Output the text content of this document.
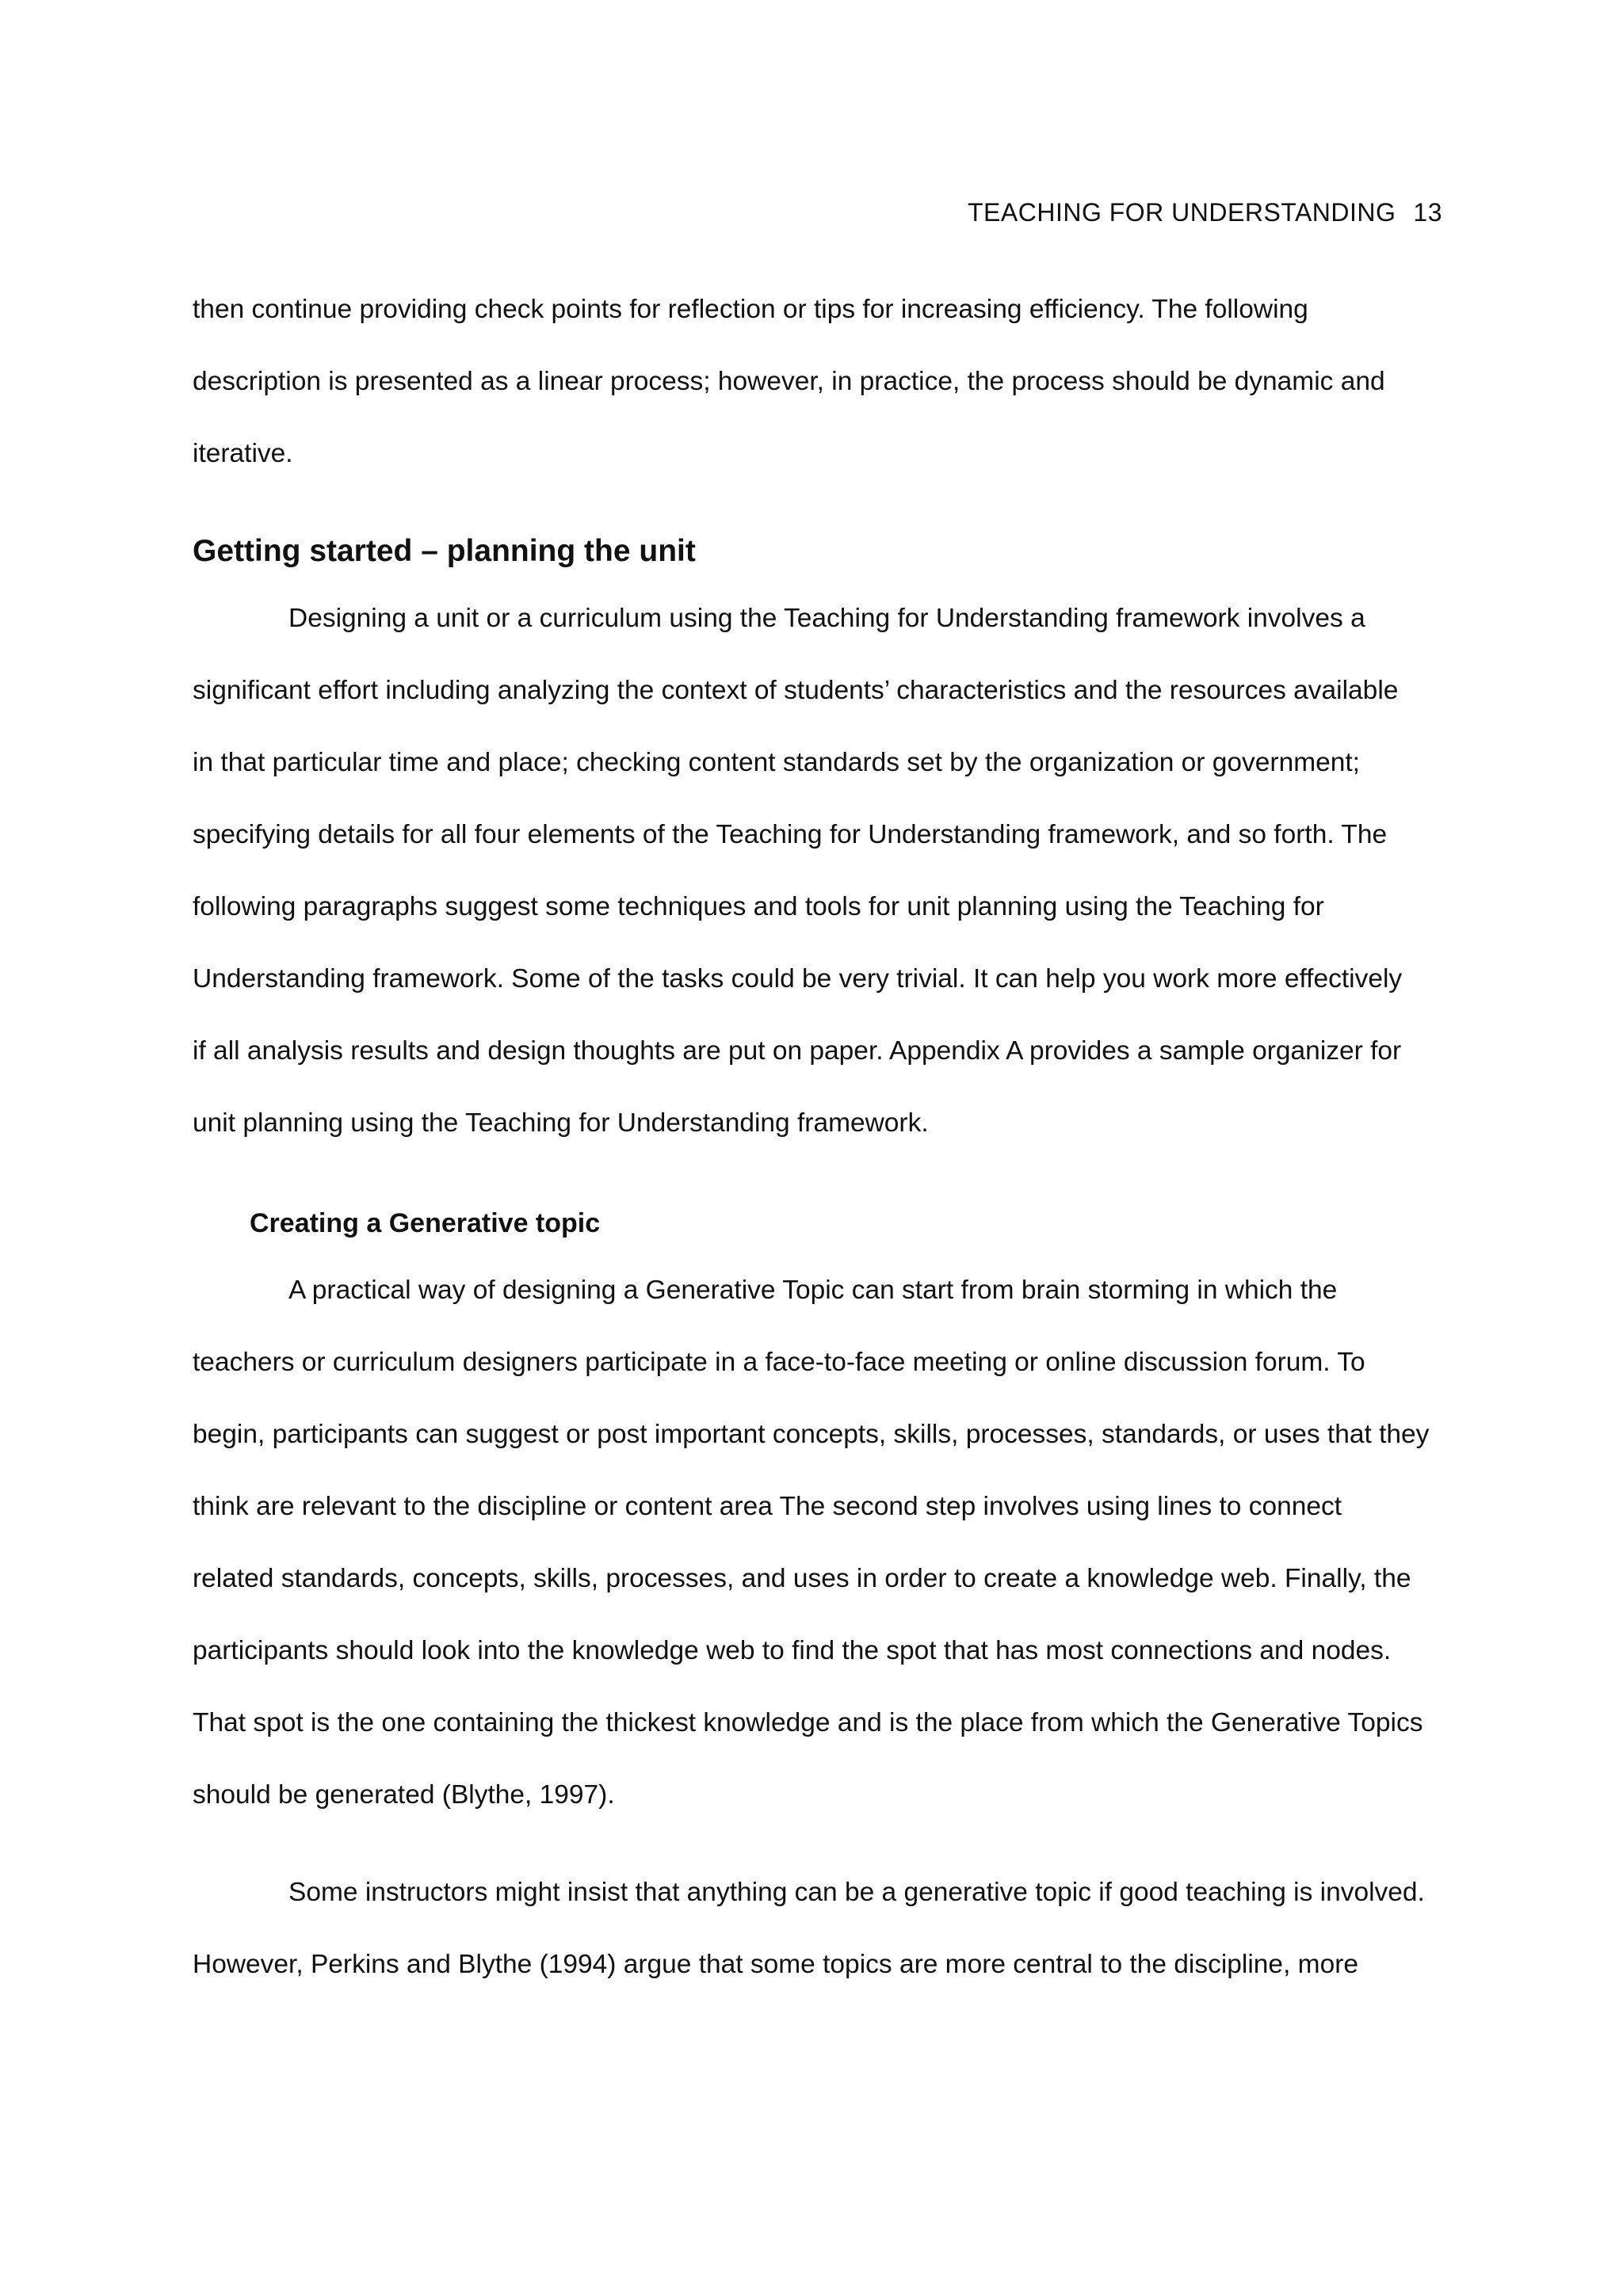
TEACHING FOR UNDERSTANDING 13
then continue providing check points for reflection or tips for increasing efficiency. The following
description is presented as a linear process; however, in practice, the process should be dynamic and
iterative.
Getting started – planning the unit
Designing a unit or a curriculum using the Teaching for Understanding framework involves a
significant effort including analyzing the context of students’ characteristics and the resources available
in that particular time and place; checking content standards set by the organization or government;
specifying details for all four elements of the Teaching for Understanding framework, and so forth. The
following paragraphs suggest some techniques and tools for unit planning using the Teaching for
Understanding framework. Some of the tasks could be very trivial. It can help you work more effectively
if all analysis results and design thoughts are put on paper. Appendix A provides a sample organizer for
unit planning using the Teaching for Understanding framework.
Creating a Generative topic
A practical way of designing a Generative Topic can start from brain storming in which the
teachers or curriculum designers participate in a face-to-face meeting or online discussion forum. To
begin, participants can suggest or post important concepts, skills, processes, standards, or uses that they
think are relevant to the discipline or content area The second step involves using lines to connect
related standards, concepts, skills, processes, and uses in order to create a knowledge web. Finally, the
participants should look into the knowledge web to find the spot that has most connections and nodes.
That spot is the one containing the thickest knowledge and is the place from which the Generative Topics
should be generated (Blythe, 1997).
Some instructors might insist that anything can be a generative topic if good teaching is involved.
However, Perkins and Blythe (1994) argue that some topics are more central to the discipline, more
